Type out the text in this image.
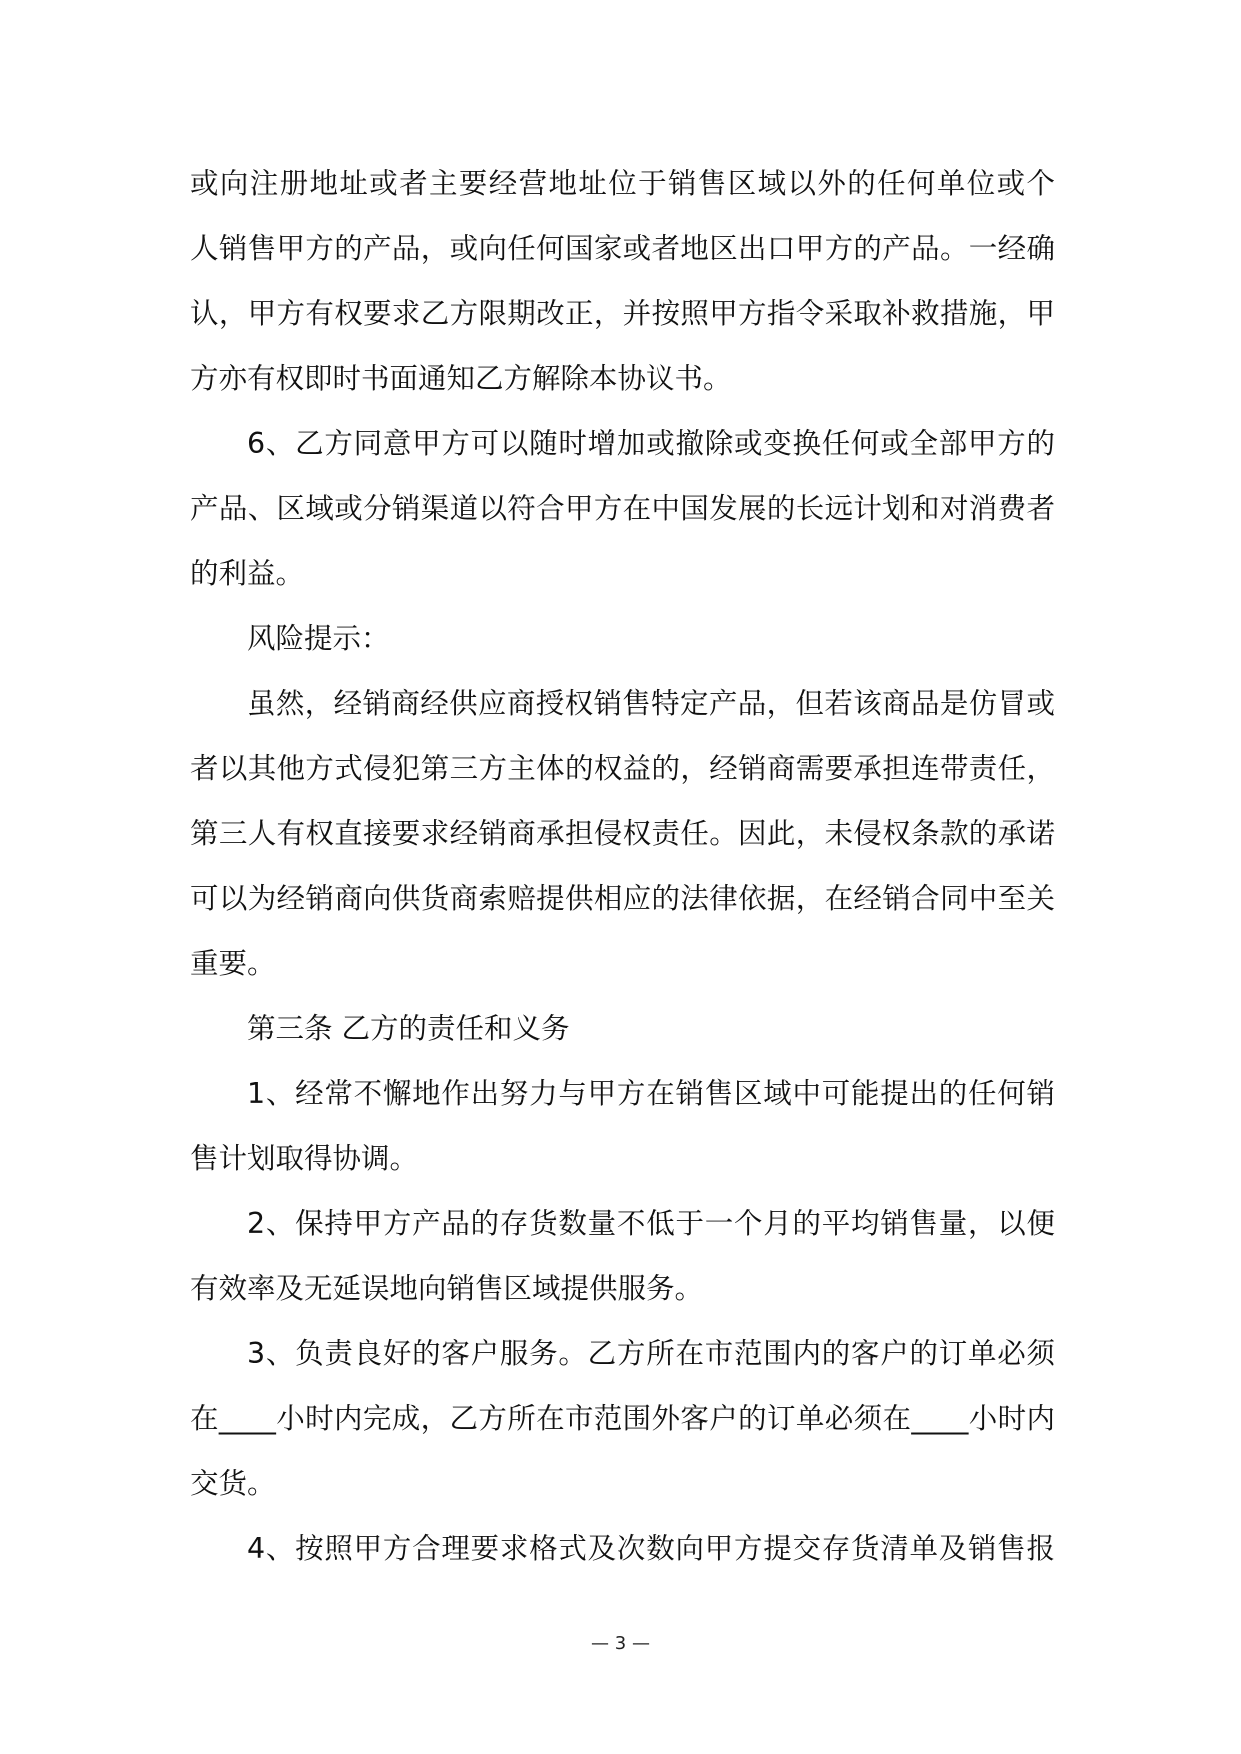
或向注册地址或者主要经营地址位于销售区域以外的任何单位或个
人销售甲方的产品，或向任何国家或者地区出口甲方的产品。一经确
认，甲方有权要求乙方限期改正，并按照甲方指令采取补救措施，甲
方亦有权即时书面通知乙方解除本协议书。
6、乙方同意甲方可以随时增加或撤除或变换任何或全部甲方的
产品、区域或分销渠道以符合甲方在中国发展的长远计划和对消费者
的利益。
风险提示：
虽然，经销商经供应商授权销售特定产品，但若该商品是仿冒或
者以其他方式侵犯第三方主体的权益的，经销商需要承担连带责任，
第三人有权直接要求经销商承担侵权责任。因此，未侵权条款的承诺
可以为经销商向供货商索赔提供相应的法律依据，在经销合同中至关
重要。
第三条 乙方的责任和义务
1、经常不懈地作出努力与甲方在销售区域中可能提出的任何销
售计划取得协调。
2、保持甲方产品的存货数量不低于一个月的平均销售量，以便
有效率及无延误地向销售区域提供服务。
3、负责良好的客户服务。乙方所在市范围内的客户的订单必须
在____小时内完成，乙方所在市范围外客户的订单必须在____小时内
交货。
4、按照甲方合理要求格式及次数向甲方提交存货清单及销售报
— 3 —
